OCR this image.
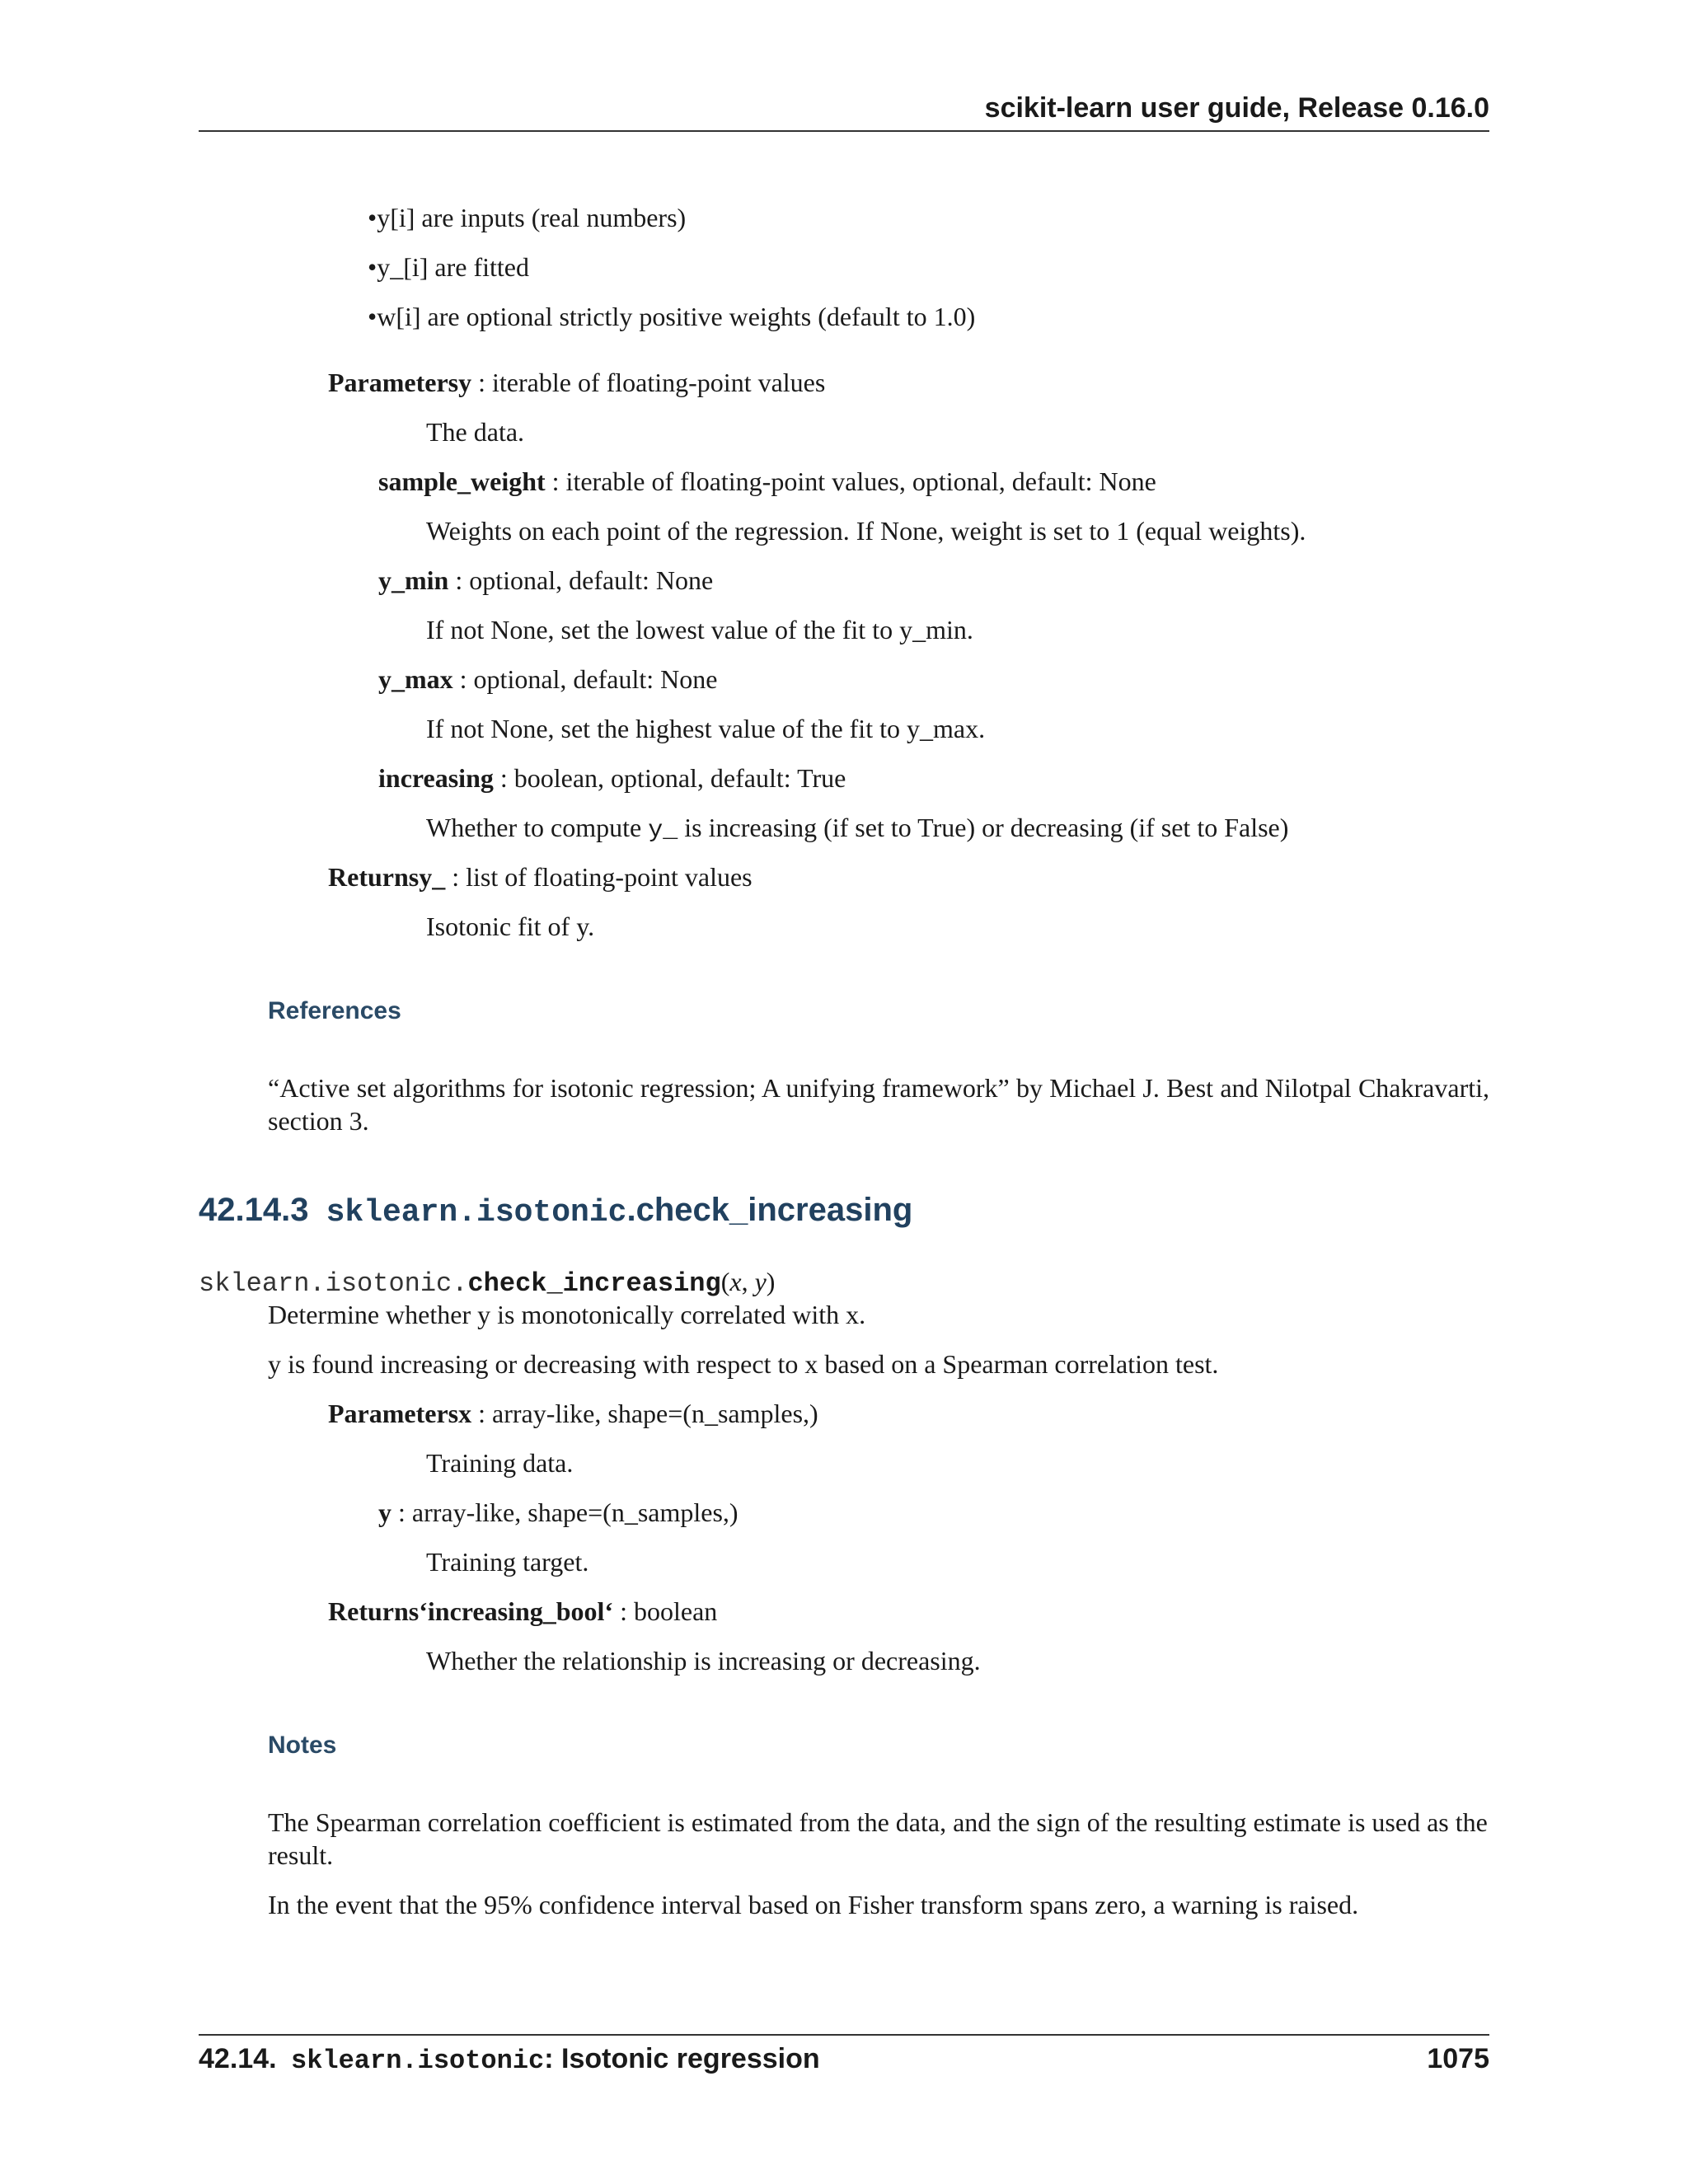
scikit-learn user guide, Release 0.16.0
•y[i] are inputs (real numbers)
•y_[i] are fitted
•w[i] are optional strictly positive weights (default to 1.0)
Parametersy : iterable of floating-point values
The data.
sample_weight : iterable of floating-point values, optional, default: None
Weights on each point of the regression. If None, weight is set to 1 (equal weights).
y_min : optional, default: None
If not None, set the lowest value of the fit to y_min.
y_max : optional, default: None
If not None, set the highest value of the fit to y_max.
increasing : boolean, optional, default: True
Whether to compute y_ is increasing (if set to True) or decreasing (if set to False)
Returnsy_ : list of floating-point values
Isotonic fit of y.
References
“Active set algorithms for isotonic regression; A unifying framework” by Michael J. Best and Nilotpal Chakravarti, section 3.
42.14.3 sklearn.isotonic.check_increasing
sklearn.isotonic.check_increasing(x, y)
Determine whether y is monotonically correlated with x.
y is found increasing or decreasing with respect to x based on a Spearman correlation test.
Parametersx : array-like, shape=(n_samples,)
Training data.
y : array-like, shape=(n_samples,)
Training target.
Returns‘increasing_bool‘ : boolean
Whether the relationship is increasing or decreasing.
Notes
The Spearman correlation coefficient is estimated from the data, and the sign of the resulting estimate is used as the result.
In the event that the 95% confidence interval based on Fisher transform spans zero, a warning is raised.
42.14. sklearn.isotonic: Isotonic regression	1075
